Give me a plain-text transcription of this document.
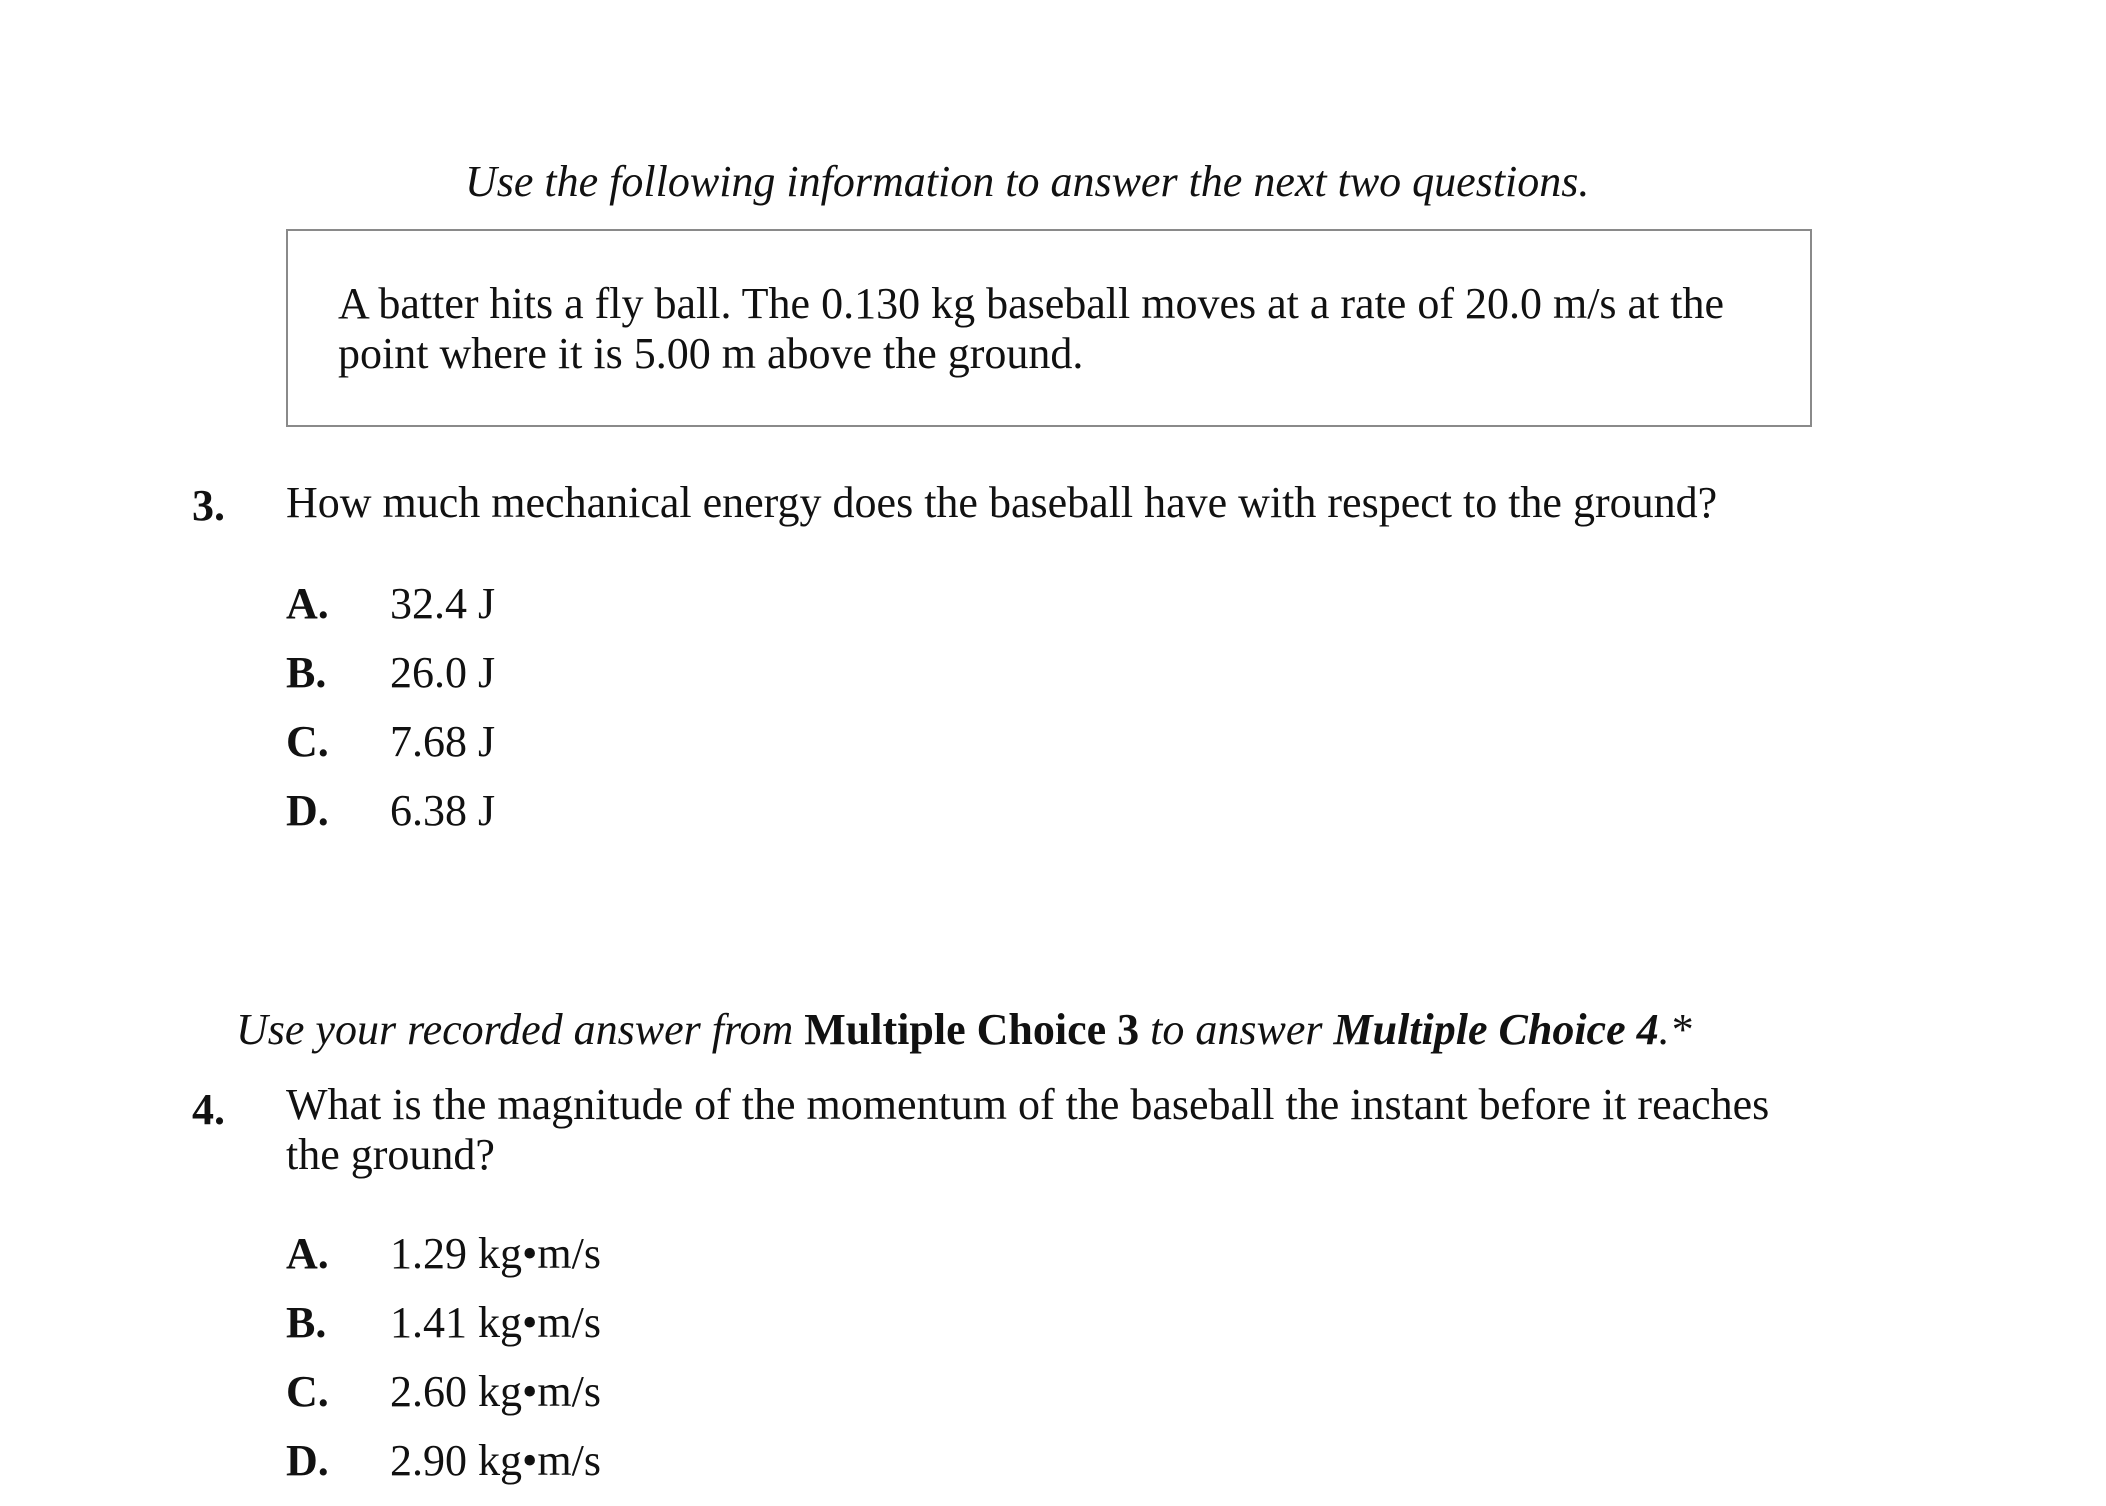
Use the following information to answer the next two questions.
A batter hits a fly ball. The 0.130 kg baseball moves at a rate of 20.0 m/s at the point where it is 5.00 m above the ground.
3. How much mechanical energy does the baseball have with respect to the ground?
A. 32.4 J
B. 26.0 J
C. 7.68 J
D. 6.38 J
Use your recorded answer from Multiple Choice 3 to answer Multiple Choice 4.*
4. What is the magnitude of the momentum of the baseball the instant before it reaches the ground?
A. 1.29 kg•m/s
B. 1.41 kg•m/s
C. 2.60 kg•m/s
D. 2.90 kg•m/s
